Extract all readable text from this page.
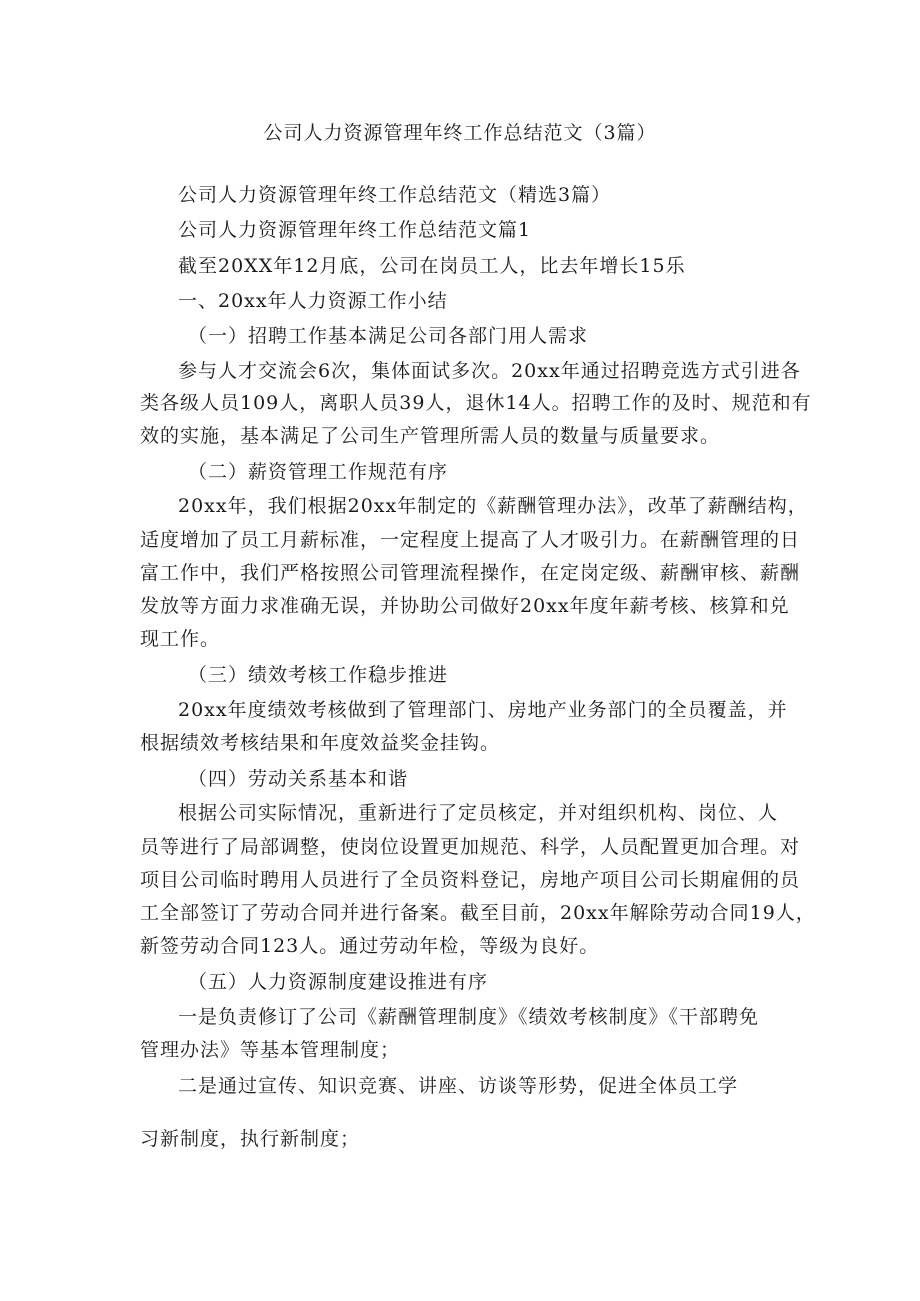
公司人力资源管理年终工作总结范文（3篇）
公司人力资源管理年终工作总结范文（精选3篇）
公司人力资源管理年终工作总结范文篇1
截至20XX年12月底，公司在岗员工人，比去年增长15乐
一、20xx年人力资源工作小结
（一）招聘工作基本满足公司各部门用人需求
参与人才交流会6次，集体面试多次。20xx年通过招聘竞选方式引进各
类各级人员109人，离职人员39人，退休14人。招聘工作的及时、规范和有
效的实施，基本满足了公司生产管理所需人员的数量与质量要求。
（二）薪资管理工作规范有序
20xx年，我们根据20xx年制定的《薪酬管理办法》，改革了薪酬结构，
适度增加了员工月薪标准，一定程度上提高了人才吸引力。在薪酬管理的日
富工作中，我们严格按照公司管理流程操作，在定岗定级、薪酬审核、薪酬
发放等方面力求准确无误，并协助公司做好20xx年度年薪考核、核算和兑
现工作。
（三）绩效考核工作稳步推进
20xx年度绩效考核做到了管理部门、房地产业务部门的全员覆盖，并
根据绩效考核结果和年度效益奖金挂钩。
（四）劳动关系基本和谐
根据公司实际情况，重新进行了定员核定，并对组织机构、岗位、人
员等进行了局部调整，使岗位设置更加规范、科学，人员配置更加合理。对
项目公司临时聘用人员进行了全员资料登记，房地产项目公司长期雇佣的员
工全部签订了劳动合同并进行备案。截至目前，20xx年解除劳动合同19人，
新签劳动合同123人。通过劳动年检，等级为良好。
（五）人力资源制度建设推进有序
一是负责修订了公司《薪酬管理制度》《绩效考核制度》《干部聘免
管理办法》等基本管理制度；
二是通过宣传、知识竞赛、讲座、访谈等形势，促进全体员工学
习新制度，执行新制度；
